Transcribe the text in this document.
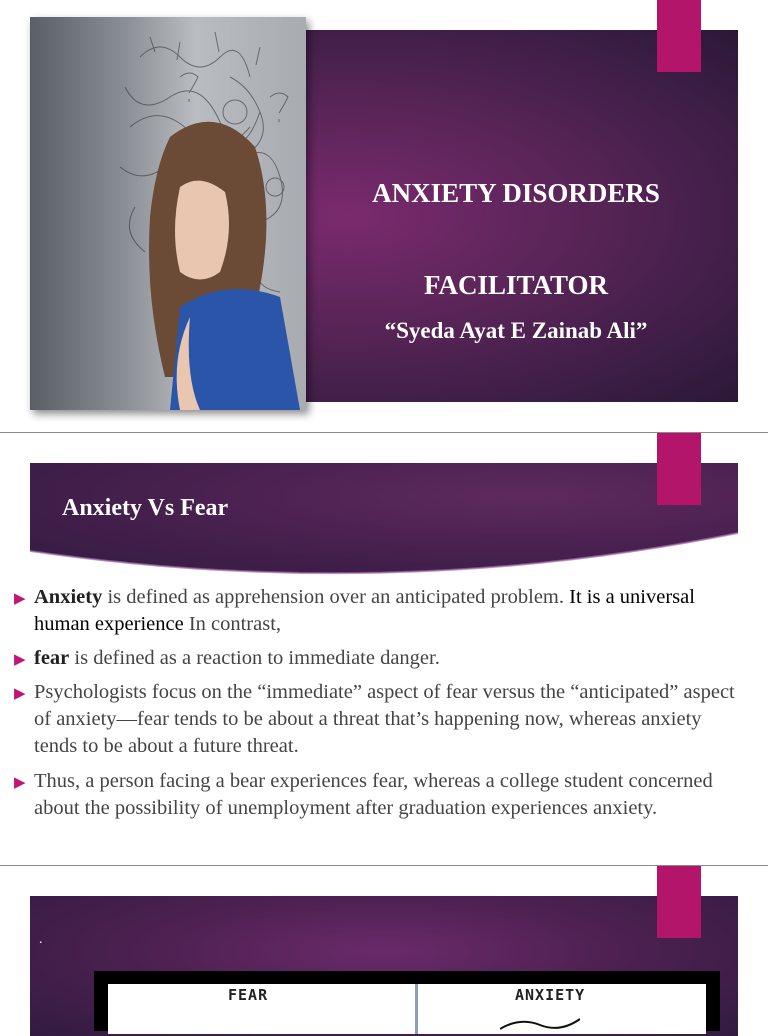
ANXIETY DISORDERS
FACILITATOR
“Syeda Ayat E Zainab Ali”
Anxiety Vs Fear
▶ Anxiety is defined as apprehension over an anticipated problem. It is a universal human experience In contrast,
▶ fear is defined as a reaction to immediate danger.
▶ Psychologists focus on the “immediate” aspect of fear versus the “anticipated” aspect of anxiety—fear tends to be about a threat that’s happening now, whereas anxiety tends to be about a future threat.
▶ Thus, a person facing a bear experiences fear, whereas a college student concerned about the possibility of unemployment after graduation experiences anxiety.
.
FEAR	ANXIETY
